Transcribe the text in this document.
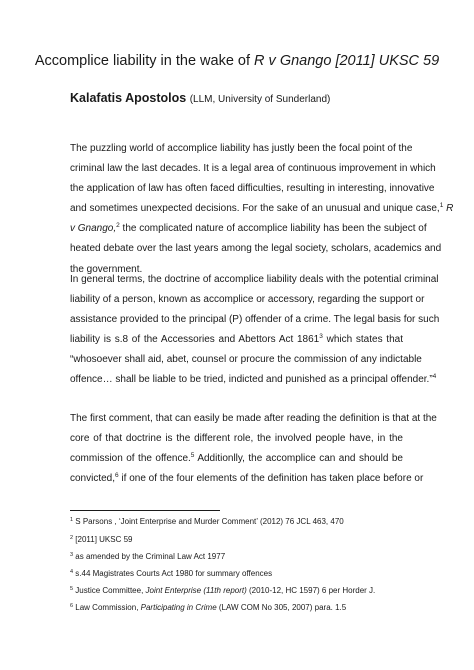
Accomplice liability in the wake of R v Gnango [2011] UKSC 59
Kalafatis Apostolos (LLM, University of Sunderland)
The puzzling world of accomplice liability has justly been the focal point of the
criminal law the last decades. It is a legal area of continuous improvement in which
the application of law has often faced difficulties, resulting in interesting, innovative
and sometimes unexpected decisions. For the sake of an unusual and unique case,$^1$ R
v Gnango,$^2$ the complicated nature of accomplice liability has been the subject of
heated debate over the last years among the legal society, scholars, academics and
the government.
In general terms, the doctrine of accomplice liability deals with the potential criminal
liability of a person, known as accomplice or accessory, regarding the support or
assistance provided to the principal (P) offender of a crime. The legal basis for such
liability is s.8 of the Accessories and Abettors Act 1861$^3$ which states that
“whosoever shall aid, abet, counsel or procure the commission of any indictable
offence… shall be liable to be tried, indicted and punished as a principal offender.”$^4$
The first comment, that can easily be made after reading the definition is that at the
core of that doctrine is the different role, the involved people have, in the
commission of the offence.$^5$ Additionlly, the accomplice can and should be
convicted,$^6$ if one of the four elements of the definition has taken place before or
$^1$ S Parsons , ‘Joint Enterprise and Murder Comment’ (2012) 76 JCL 463, 470
$^2$ [2011] UKSC 59
$^3$ as amended by the Criminal Law Act 1977
$^4$ s.44 Magistrates Courts Act 1980 for summary offences
$^5$ Justice Committee, Joint Enterprise (11th report) (2010-12, HC 1597) 6 per Horder J.
$^6$ Law Commission, Participating in Crime (LAW COM No 305, 2007) para. 1.5
